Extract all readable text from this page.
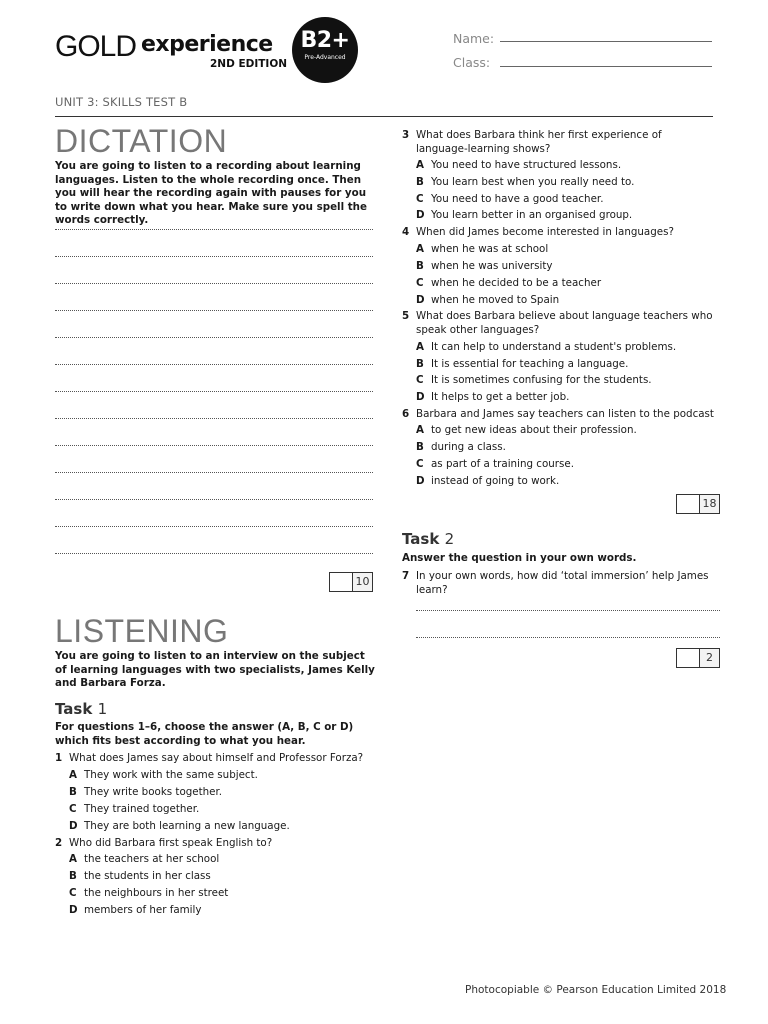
GOLD experience
2ND EDITION
B2+
Pre-Advanced
Name:
Class:
UNIT 3: SKILLS TEST B
DICTATION
You are going to listen to a recording about learning languages. Listen to the whole recording once. Then you will hear the recording again with pauses for you to write down what you hear. Make sure you spell the words correctly.
10
LISTENING
You are going to listen to an interview on the subject of learning languages with two specialists, James Kelly and Barbara Forza.
Task 1
For questions 1–6, choose the answer (A, B, C or D) which fits best according to what you hear.
1 What does James say about himself and Professor Forza?
A They work with the same subject.
B They write books together.
C They trained together.
D They are both learning a new language.
2 Who did Barbara first speak English to?
A the teachers at her school
B the students in her class
C the neighbours in her street
D members of her family
3 What does Barbara think her first experience of language-learning shows?
A You need to have structured lessons.
B You learn best when you really need to.
C You need to have a good teacher.
D You learn better in an organised group.
4 When did James become interested in languages?
A when he was at school
B when he was university
C when he decided to be a teacher
D when he moved to Spain
5 What does Barbara believe about language teachers who speak other languages?
A It can help to understand a student's problems.
B It is essential for teaching a language.
C It is sometimes confusing for the students.
D It helps to get a better job.
6 Barbara and James say teachers can listen to the podcast
A to get new ideas about their profession.
B during a class.
C as part of a training course.
D instead of going to work.
18
Task 2
Answer the question in your own words.
7 In your own words, how did ‘total immersion’ help James learn?
2
Photocopiable © Pearson Education Limited 2018
